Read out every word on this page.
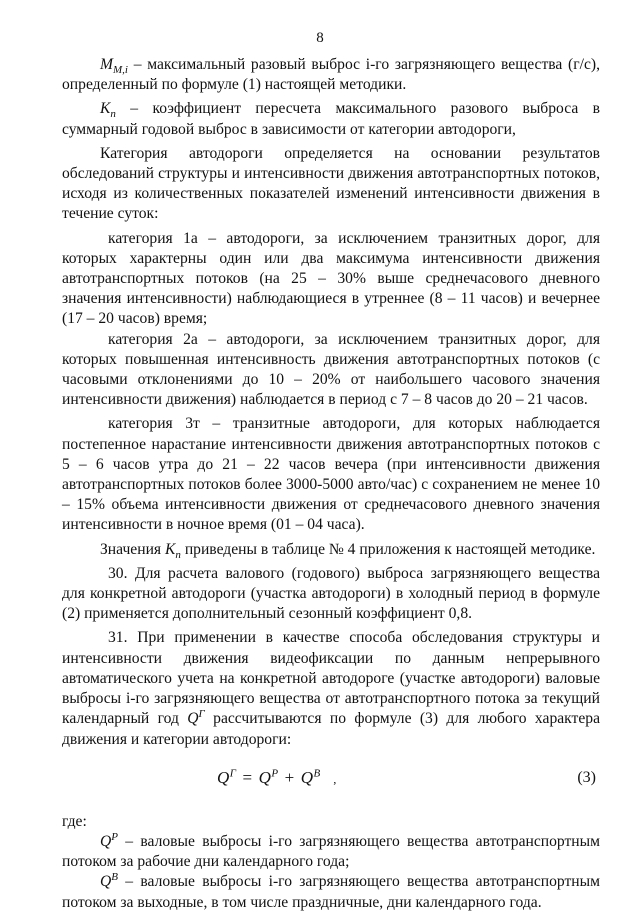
8

$M_{M,i}$ – максимальный разовый выброс i-го загрязняющего вещества (г/с), определенный по формуле (1) настоящей методики.

$K_n$ – коэффициент пересчета максимального разового выброса в суммарный годовой выброс в зависимости от категории автодороги,

Категория автодороги определяется на основании результатов обследований структуры и интенсивности движения автотранспортных потоков, исходя из количественных показателей изменений интенсивности движения в течение суток:

категория 1а – автодороги, за исключением транзитных дорог, для которых характерны один или два максимума интенсивности движения автотранспортных потоков (на 25 – 30% выше среднечасового дневного значения интенсивности) наблюдающиеся в утреннее (8 – 11 часов) и вечернее (17 – 20 часов) время;

категория 2а – автодороги, за исключением транзитных дорог, для которых повышенная интенсивность движения автотранспортных потоков (с часовыми отклонениями до 10 – 20% от наибольшего часового значения интенсивности движения) наблюдается в период с 7 – 8 часов до 20 – 21 часов.

категория 3т – транзитные автодороги, для которых наблюдается постепенное нарастание интенсивности движения автотранспортных потоков с 5 – 6 часов утра до 21 – 22 часов вечера (при интенсивности движения автотранспортных потоков более 3000-5000 авто/час) с сохранением не менее 10 – 15% объема интенсивности движения от среднечасового дневного значения интенсивности в ночное время (01 – 04 часа).

Значения $K_n$ приведены в таблице № 4 приложения к настоящей методике.

30. Для расчета валового (годового) выброса загрязняющего вещества для конкретной автодороги (участка автодороги) в холодный период в формуле (2) применяется дополнительный сезонный коэффициент 0,8.

31. При применении в качестве способа обследования структуры и интенсивности движения видеофиксации по данным непрерывного автоматического учета на конкретной автодороге (участке автодороги) валовые выбросы i-го загрязняющего вещества от автотранспортного потока за текущий календарный год $Q^Г$ рассчитываются по формуле (3) для любого характера движения и категории автодороги:

$Q^Г = Q^Р + Q^В$ ‚	(3)

где:

$Q^Р$ – валовые выбросы i-го загрязняющего вещества автотранспортным потоком за рабочие дни календарного года;

$Q^В$ – валовые выбросы i-го загрязняющего вещества автотранспортным потоком за выходные, в том числе праздничные, дни календарного года.
